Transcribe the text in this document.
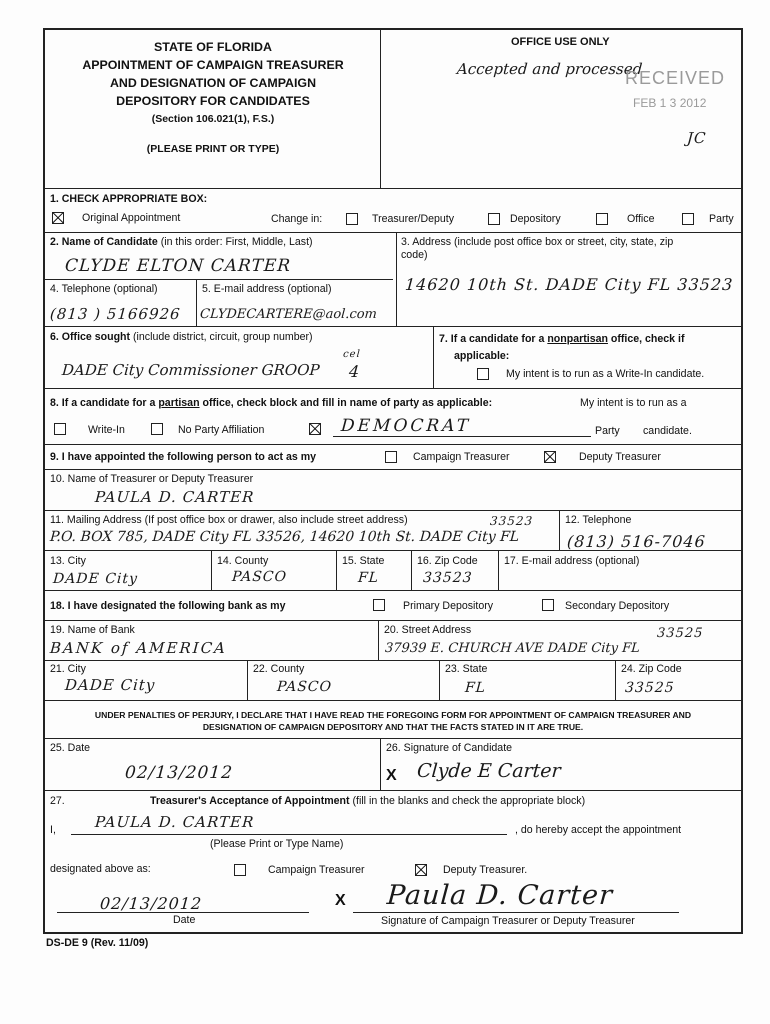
STATE OF FLORIDA
APPOINTMENT OF CAMPAIGN TREASURER
AND DESIGNATION OF CAMPAIGN
DEPOSITORY FOR CANDIDATES
(Section 106.021(1), F.S.)
(PLEASE PRINT OR TYPE)
OFFICE USE ONLY
Accepted and processed
RECEIVED
FEB 1 3 2012
JC
1. CHECK APPROPRIATE BOX:
Original Appointment	Change in:	Treasurer/Deputy	Depository	Office	Party
2. Name of Candidate (in this order: First, Middle, Last)
CLYDE ELTON CARTER
3. Address (include post office box or street, city, state, zip
code)
14620 10th St. DADE City FL 33523
4. Telephone (optional)	5. E-mail address (optional)
(813 ) 5166926 CLYDECARTERE@aol.com
6. Office sought (include district, circuit, group number)
DADE City Commissioner GROOP
cel
4
7. If a candidate for a nonpartisan office, check if
applicable:
My intent is to run as a Write-In candidate.
8. If a candidate for a partisan office, check block and fill in name of party as applicable:	My intent is to run as a
Write-In	No Party Affiliation	DEMOCRAT	Party candidate.
9. I have appointed the following person to act as my	Campaign Treasurer	Deputy Treasurer
10. Name of Treasurer or Deputy Treasurer
PAULA D. CARTER
11. Mailing Address (If post office box or drawer, also include street address)	33523
P.O. BOX 785, DADE City FL 33526, 14620 10th St. DADE City FL
12. Telephone
(813) 516-7046
13. City
DADE City
14. County
PASCO
15. State
FL
16. Zip Code
33523
17. E-mail address (optional)
18. I have designated the following bank as my	Primary Depository	Secondary Depository
19. Name of Bank
BANK of AMERICA
20. Street Address	33525
37939 E. CHURCH AVE DADE City FL
21. City
DADE City
22. County
PASCO
23. State
FL
24. Zip Code
33525
UNDER PENALTIES OF PERJURY, I DECLARE THAT I HAVE READ THE FOREGOING FORM FOR APPOINTMENT OF CAMPAIGN TREASURER AND
DESIGNATION OF CAMPAIGN DEPOSITORY AND THAT THE FACTS STATED IN IT ARE TRUE.
25. Date
02/13/2012
26. Signature of Candidate
X Clyde E Carter
27.	Treasurer's Acceptance of Appointment (fill in the blanks and check the appropriate block)
I,	PAULA D. CARTER	, do hereby accept the appointment
(Please Print or Type Name)
designated above as:	Campaign Treasurer	Deputy Treasurer.
02/13/2012
Date
X Paula D. Carter
Signature of Campaign Treasurer or Deputy Treasurer
DS-DE 9 (Rev. 11/09)
